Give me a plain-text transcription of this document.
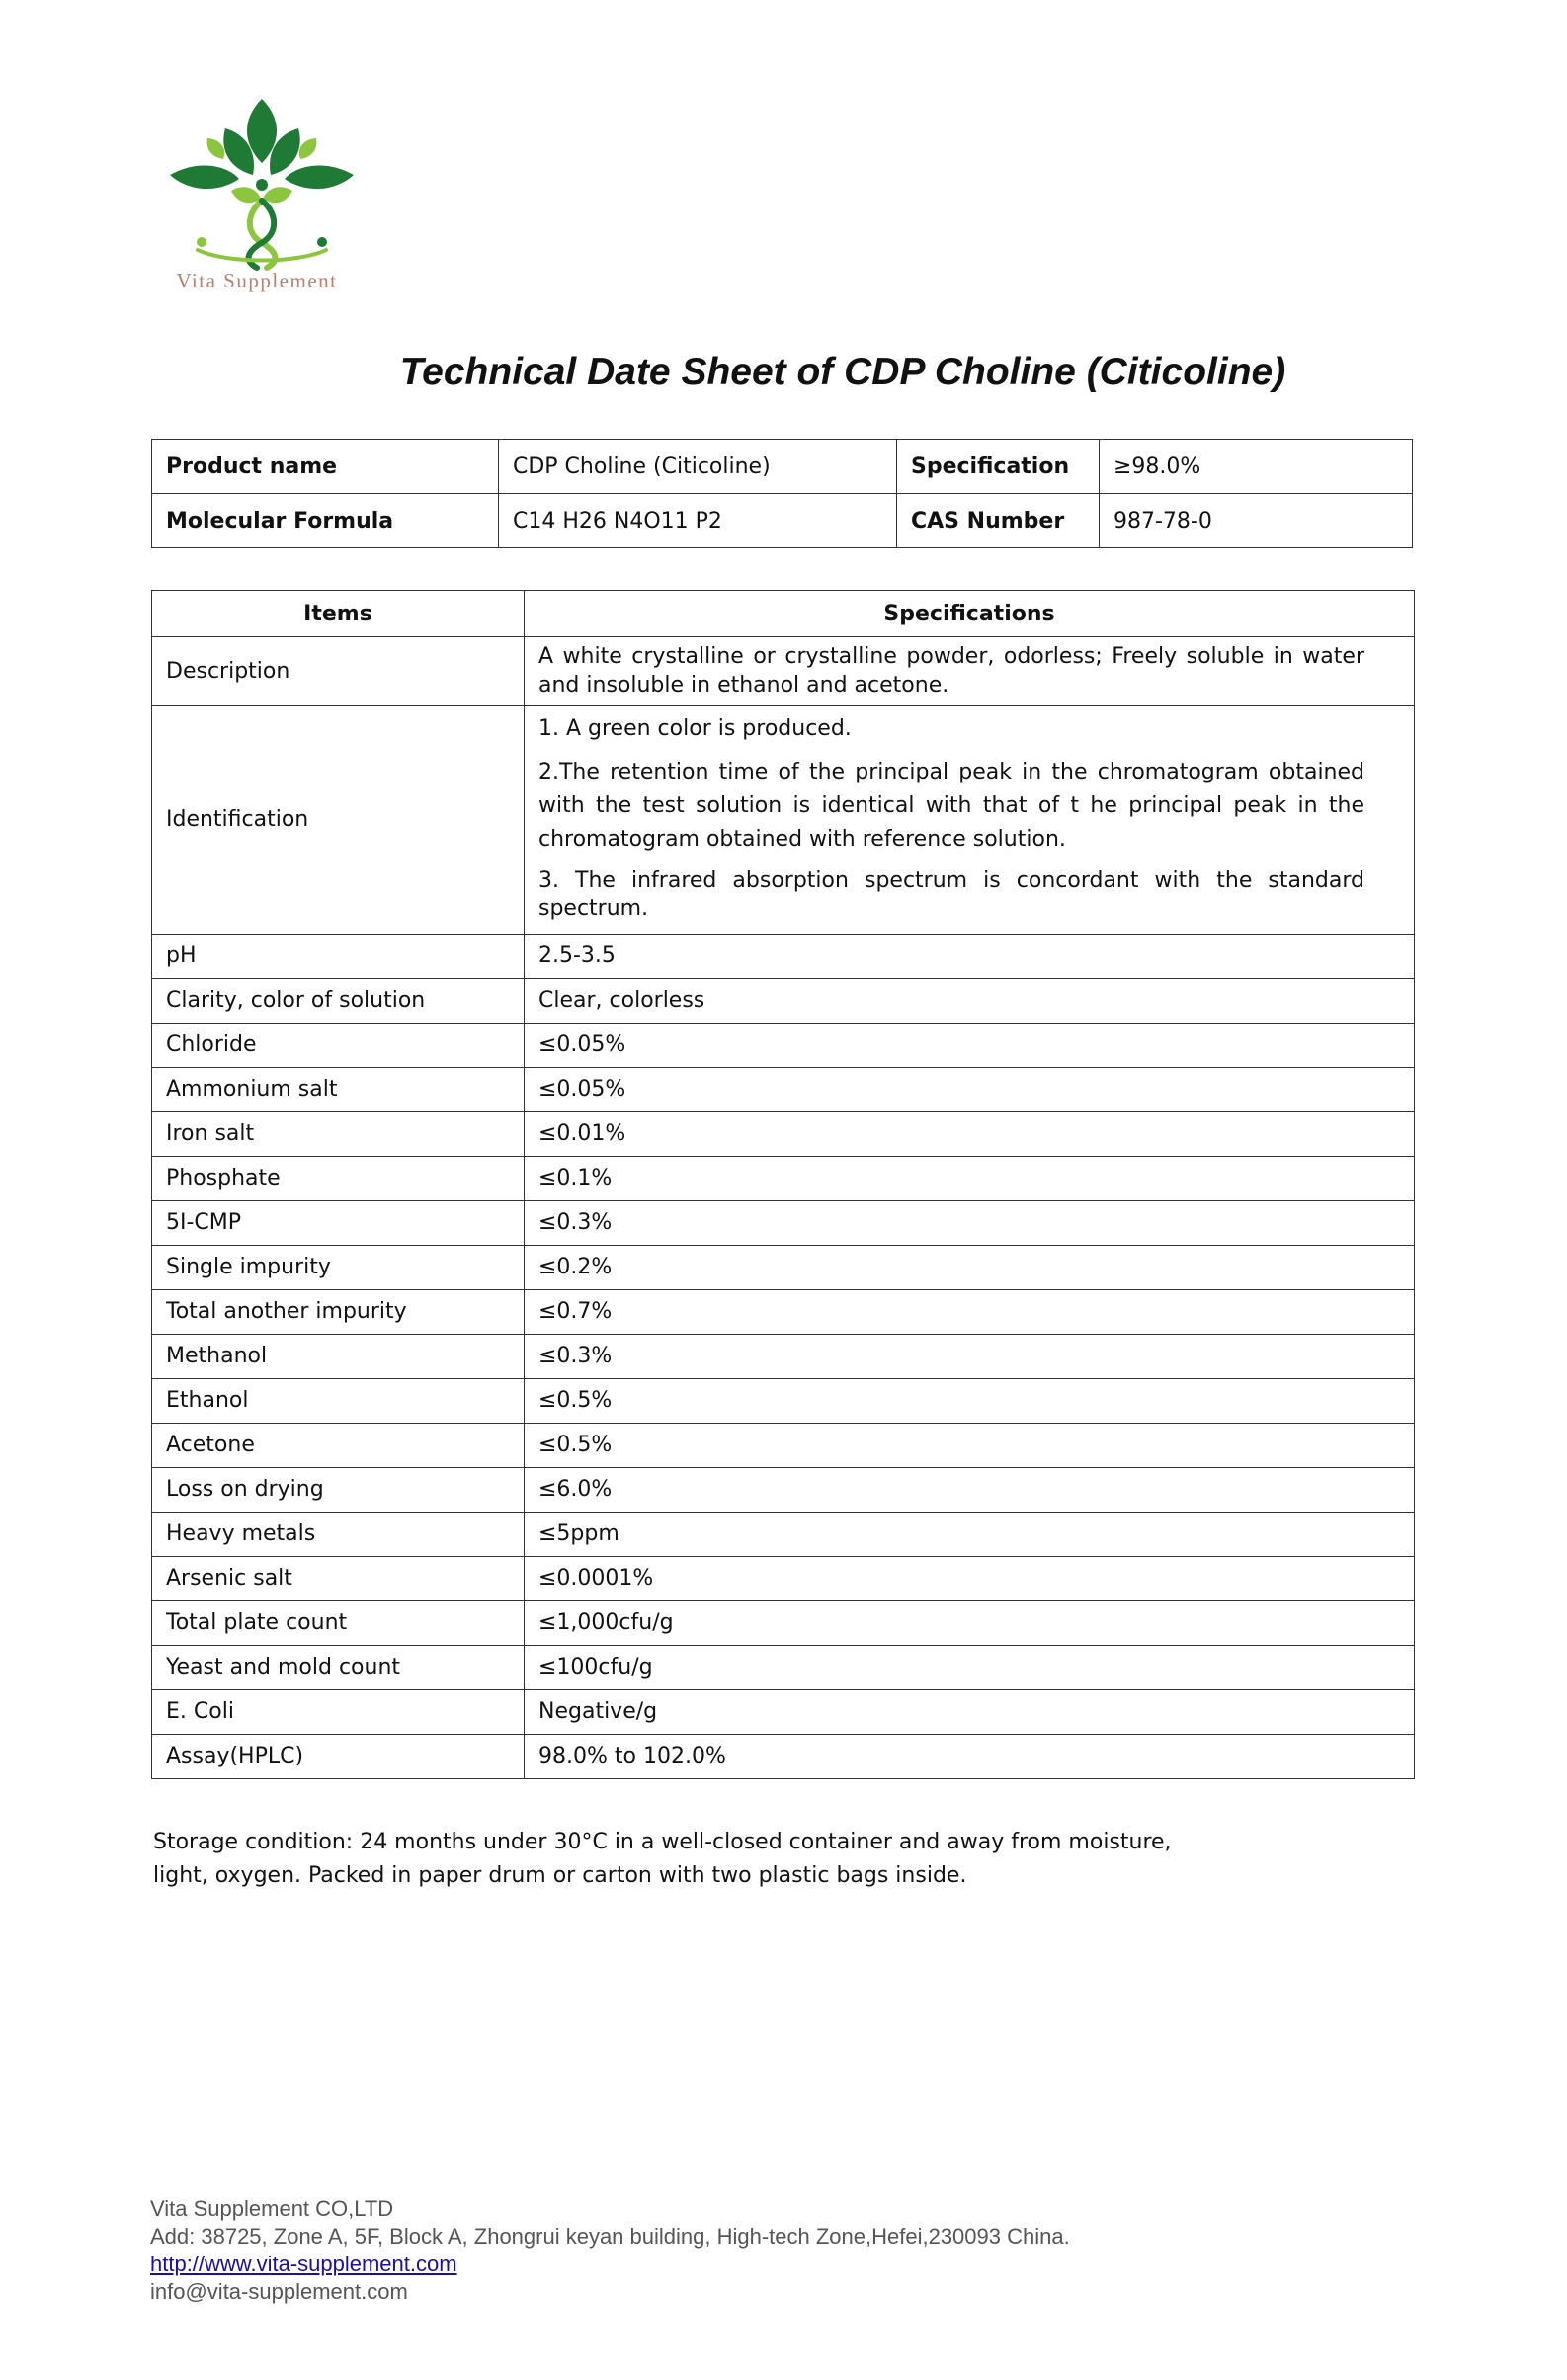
Vita Supplement
Technical Date Sheet of CDP Choline (Citicoline)
Product name	CDP Choline (Citicoline)	Specification	≥98.0%
Molecular Formula	C14 H26 N4O11 P2	CAS Number	987-78-0
Items	Specifications
Description	A white crystalline or crystalline powder, odorless; Freely soluble in water and insoluble in ethanol and acetone.
Identification	1. A green color is produced.

2.The retention time of the principal peak in the chromatogram obtained with the test solution is identical with that of t he principal peak in the chromatogram obtained with reference solution.

3. The infrared absorption spectrum is concordant with the standard spectrum.

pH	2.5-3.5
Clarity, color of solution	Clear, colorless
Chloride	≤0.05%
Ammonium salt	≤0.05%
Iron salt	≤0.01%
Phosphate	≤0.1%
5I-CMP	≤0.3%
Single impurity	≤0.2%
Total another impurity	≤0.7%
Methanol	≤0.3%
Ethanol	≤0.5%
Acetone	≤0.5%
Loss on drying	≤6.0%
Heavy metals	≤5ppm
Arsenic salt	≤0.0001%
Total plate count	≤1,000cfu/g
Yeast and mold count	≤100cfu/g
E. Coli	Negative/g
Assay(HPLC)	98.0% to 102.0%

Storage condition: 24 months under 30°C in a well-closed container and away from moisture, light, oxygen. Packed in paper drum or carton with two plastic bags inside.

Vita Supplement CO,LTD
Add: 38725, Zone A, 5F, Block A, Zhongrui keyan building, High-tech Zone,Hefei,230093 China.
http://www.vita-supplement.com
info@vita-supplement.com
